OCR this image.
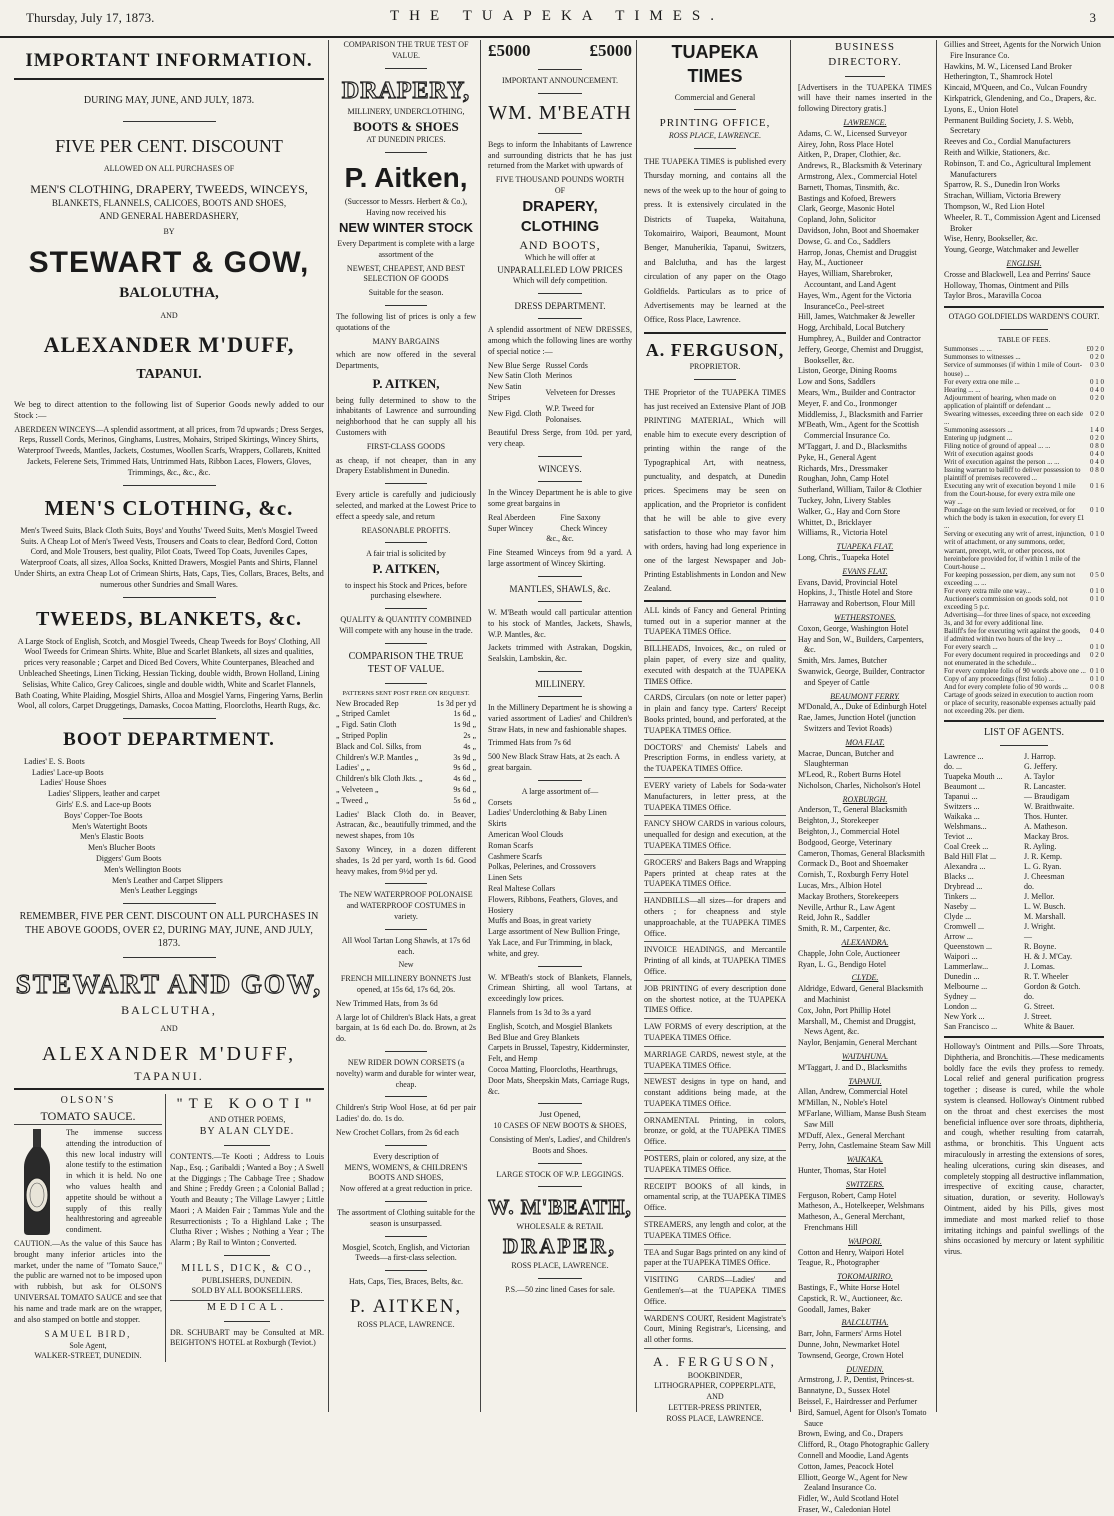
Thursday, July 17, 1873.	THE TUAPEKA TIMES.	3
IMPORTANT INFORMATION.
DURING MAY, JUNE, AND JULY, 1873.
FIVE PER CENT. DISCOUNT
ALLOWED ON ALL PURCHASES OF
MEN'S CLOTHING, DRAPERY, TWEEDS, WINCEYS,
BLANKETS, FLANNELS, CALICOES, BOOTS AND SHOES,
AND GENERAL HABERDASHERY,
BY
STEWART & GOW,
BALOLUTHA,
AND
ALEXANDER M'DUFF,
TAPANUI.

We beg to direct attention to the following list of Superior Goods newly added to our Stock :—

ABERDEEN WINCEYS—A splendid assortment, at all prices, from 7d upwards ; Dress Serges, Reps, Russell Cords, Merinos, Ginghams, Lustres, Mohairs, Striped Skirtings, Wincey Shirts, Waterproof Tweeds, Mantles, Jackets, Costumes, Woollen Scarfs, Wrappers, Collarets, Knitted Jackets, Felerene Sets, Trimmed Hats, Untrimmed Hats, Ribbon Laces, Flowers, Gloves, Trimmings, &c., &c., &c.

MEN'S CLOTHING, &c.

Men's Tweed Suits, Black Cloth Suits, Boys' and Youths' Tweed Suits, Men's Mosgiel Tweed Suits. A Cheap Lot of Men's Tweed Vests, Trousers and Coats to clear, Bedford Cord, Cotton Cord, and Mole Trousers, best quality, Pilot Coats, Tweed Top Coats, Juveniles Capes, Waterproof Coats, all sizes, Alloa Socks, Knitted Drawers, Mosgiel Pants and Shirts, Flannel Under Shirts, an extra Cheap Lot of Crimean Shirts, Hats, Caps, Ties, Collars, Braces, Belts, and numerous other Sundries and Small Wares.

TWEEDS, BLANKETS, &c.

A Large Stock of English, Scotch, and Mosgiel Tweeds, Cheap Tweeds for Boys' Clothing, All Wool Tweeds for Crimean Shirts. White, Blue and Scarlet Blankets, all sizes and qualities, prices very reasonable ; Carpet and Diced Bed Covers, White Counterpanes, Bleached and Unbleached Sheetings, Linen Ticking, Hessian Ticking, double width, Brown Holland, Lining Selisias, White Calico, Grey Calicoes, single and double width, White and Scarlet Flannels, Bath Coating, White Plaiding, Mosgiel Shirts, Alloa and Mosgiel Yarns, Fingering Yarns, Berlin Wool, all colors, Carpet Druggetings, Damasks, Cocoa Matting, Floorcloths, Hearth Rugs, &c.

BOOT DEPARTMENT.
Ladies' E. S. Boots
Ladies' Lace-up Boots
Ladies' House Shoes
Ladies' Slippers, leather and carpet
Girls' E.S. and Lace-up Boots
Boys' Copper-Toe Boots
Men's Watertight Boots
Men's Elastic Boots
Men's Blucher Boots
Diggers' Gum Boots
Men's Wellington Boots
Men's Leather and Carpet Slippers
Men's Leather Leggings

REMEMBER, FIVE PER CENT. DISCOUNT ON ALL PURCHASES IN THE ABOVE GOODS, OVER £2, DURING MAY, JUNE, AND JULY, 1873.

STEWART AND GOW,
BALCLUTHA,
AND
ALEXANDER M'DUFF,
TAPANUI.
OLSON'S
TOMATO SAUCE.

The immense success attending the introduction of this new local industry will alone testify to the estimation in which it is held. No one who values health and appetite should be without a supply of this really healthrestoring and agreeable condiment.

CAUTION.—As the value of this Sauce has brought many inferior articles into the market, under the name of "Tomato Sauce," the public are warned not to be imposed upon with rubbish, but ask for OLSON'S UNIVERSAL TOMATO SAUCE and see that his name and trade mark are on the wrapper, and also stamped on bottle and stopper.

SAMUEL BIRD,
Sole Agent,
WALKER-STREET, DUNEDIN.
"TE KOOTI"
AND OTHER POEMS,
BY ALAN CLYDE.

CONTENTS.—Te Kooti ; Address to Louis Nap., Esq. ; Garibaldi ; Wanted a Boy ; A Swell at the Diggings ; The Cabbage Tree ; Shadow and Shine ; Freddy Green ; a Colonial Ballad ; Youth and Beauty ; The Village Lawyer ; Little Maori ; A Maiden Fair ; Tammas Yule and the Resurrectionists ; To a Highland Lake ; The Clutha River ; Wishes ; Nothing a Year ; The Alarm ; By Rail to Winton ; Converted.

MILLS, DICK, & CO.,
PUBLISHERS, DUNEDIN.
SOLD BY ALL BOOKSELLERS.
MEDICAL.

DR. SCHUBART may be Consulted at MR. BEIGHTON'S HOTEL at Roxburgh (Teviot.)

COMPARISON THE TRUE TEST OF VALUE.
DRAPERY,
MILLINERY, UNDERCLOTHING,
BOOTS & SHOES
AT DUNEDIN PRICES.
P. Aitken,
(Successor to Messrs. Herbert & Co.),
Having now received his
NEW WINTER STOCK

Every Department is complete with a large assortment of the

NEWEST, CHEAPEST, AND BEST SELECTION OF GOODS

Suitable for the season.

The following list of prices is only a few quotations of the

MANY BARGAINS

which are now offered in the several Departments,

P. AITKEN,

being fully determined to show to the inhabitants of Lawrence and surrounding neighborhood that he can supply all his Customers with

FIRST-CLASS GOODS

as cheap, if not cheaper, than in any Drapery Establishment in Dunedin.

Every article is carefully and judiciously selected, and marked at the Lowest Price to effect a speedy sale, and return

REASONABLE PROFITS.
A fair trial is solicited by
P. AITKEN,

to inspect his Stock and Prices, before purchasing elsewhere.

QUALITY & QUANTITY COMBINED
Will compete with any house in the trade.
COMPARISON THE TRUE TEST OF VALUE.
PATTERNS SENT POST FREE ON REQUEST.
New Brocaded Rep	1s 3d per yd
„ Striped Camlet	1s 6d „
„ Figd. Satin Cloth	1s 9d „
„ Striped Poplin	2s „
Black and Col. Silks, from	4s „
Children's W.P. Mantles „	3s 9d „
Ladies' „ „	9s 6d „
Children's blk Cloth Jkts. „	4s 6d „
„ Velveteen „	9s 6d „
„ Tweed „	5s 6d „

Ladies' Black Cloth do. in Beaver, Astracan, &c., beautifully trimmed, and the newest shapes, from 10s

Saxony Wincey, in a dozen different shades, 1s 2d per yard, worth 1s 6d. Good heavy makes, from 9½d per yd.

The NEW WATERPROOF POLONAISE and WATERPROOF COSTUMES in variety.

All Wool Tartan Long Shawls, at 17s 6d each.

New

FRENCH MILLINERY BONNETS Just opened, at 15s 6d, 17s 6d, 20s.

New Trimmed Hats, from 3s 6d

A large lot of Children's Black Hats, a great bargain, at 1s 6d each Do. do. Brown, at 2s do.

NEW RIDER DOWN CORSETS (a novelty) warm and durable for winter wear, cheap.

Children's Strip Wool Hose, at 6d per pair Ladies' do. do. 1s do.

New Crochet Collars, from 2s 6d each

Every description of
MEN'S, WOMEN'S, & CHILDREN'S BOOTS AND SHOES,
Now offered at a great reduction in price.

The assortment of Clothing suitable for the season is unsurpassed.

Mosgiel, Scotch, English, and Victorian Tweeds—a first-class selection.

Hats, Caps, Ties, Braces, Belts, &c.
P. AITKEN,
ROSS PLACE, LAWRENCE.
£5000	£5000
IMPORTANT ANNOUNCEMENT.
WM. M'BEATH

Begs to inform the Inhabitants of Lawrence and surrounding districts that he has just returned from the Market with upwards of

FIVE THOUSAND POUNDS WORTH
OF
DRAPERY, CLOTHING
AND BOOTS,
Which he will offer at
UNPARALLELED LOW PRICES
Which will defy competition.
DRESS DEPARTMENT.

A splendid assortment of NEW DRESSES, among which the following lines are worthy of special notice :—

New Blue Serge	Russel Cords
New Satin Cloth	Merinos
New Satin Stripes	Velveteen for Dresses
New Figd. Cloth	W.P. Tweed for Polonaises.

Beautiful Dress Serge, from 10d. per yard, very cheap.

WINCEYS.

In the Wincey Department he is able to give some great bargains in

Real Aberdeen	Fine Saxony
Super Wincey	Check Wincey
&c., &c.

Fine Steamed Winceys from 9d a yard. A large assortment of Wincey Skirting.

MANTLES, SHAWLS, &c.

W. M'Beath would call particular attention to his stock of Mantles, Jackets, Shawls, W.P. Mantles, &c.

Jackets trimmed with Astrakan, Dogskin, Sealskin, Lambskin, &c.

MILLINERY.

In the Millinery Department he is showing a varied assortment of Ladies' and Children's Straw Hats, in new and fashionable shapes.

Trimmed Hats from 7s 6d

500 New Black Straw Hats, at 2s each. A great bargain.

A large assortment of—
Corsets
Ladies' Underclothing & Baby Linen
Skirts
American Wool Clouds
Roman Scarfs
Cashmere Scarfs
Polkas, Pelerines, and Crossovers
Linen Sets
Real Maltese Collars
Flowers, Ribbons, Feathers, Gloves, and Hosiery
Muffs and Boas, in great variety
Large assortment of New Bullion Fringe, Yak Lace, and Fur Trimming, in black, white, and grey.

W. M'Beath's stock of Blankets, Flannels, Crimean Shirting, all wool Tartans, at exceedingly low prices.

Flannels from 1s 3d to 3s a yard

English, Scotch, and Mosgiel Blankets
Bed Blue and Grey Blankets
Carpets in Brussel, Tapestry, Kidderminster, Felt, and Hemp
Cocoa Matting, Floorcloths, Hearthrugs, Door Mats, Sheepskin Mats, Carriage Rugs, &c.
Just Opened,
10 CASES OF NEW BOOTS & SHOES,

Consisting of Men's, Ladies', and Children's Boots and Shoes.

LARGE STOCK OF W.P. LEGGINGS.
W. M'BEATH,
WHOLESALE & RETAIL
DRAPER,
ROSS PLACE, LAWRENCE.
P.S.—50 zinc lined Cases for sale.
TUAPEKA TIMES
Commercial and General
PRINTING OFFICE,
ROSS PLACE, LAWRENCE.

THE TUAPEKA TIMES is published every Thursday morning, and contains all the news of the week up to the hour of going to press. It is extensively circulated in the Districts of Tuapeka, Waitahuna, Tokomairiro, Waipori, Beaumont, Mount Benger, Manuherikia, Tapanui, Switzers, and Balclutha, and has the largest circulation of any paper on the Otago Goldfields. Particulars as to price of Advertisements may be learned at the Office, Ross Place, Lawrence.

A. FERGUSON,
PROPRIETOR.

THE Proprietor of the TUAPEKA TIMES has just received an Extensive Plant of JOB PRINTING MATERIAL, Which will enable him to execute every description of printing within the range of the Typographical Art, with neatness, punctuality, and despatch, at Dunedin prices. Specimens may be seen on application, and the Proprietor is confident that he will be able to give every satisfaction to those who may favor him with orders, having had long experience in one of the largest Newspaper and Job-Printing Establishments in London and New Zealand.

ALL kinds of Fancy and General Printing turned out in a superior manner at the TUAPEKA TIMES Office.

BILLHEADS, Invoices, &c., on ruled or plain paper, of every size and quality, executed with despatch at the TUAPEKA TIMES Office.

CARDS, Circulars (on note or letter paper) in plain and fancy type. Carters' Receipt Books printed, bound, and perforated, at the TUAPEKA TIMES Office.

DOCTORS' and Chemists' Labels and Prescription Forms, in endless variety, at the TUAPEKA TIMES Office.

EVERY variety of Labels for Soda-water Manufacturers, in letter press, at the TUAPEKA TIMES Office.

FANCY SHOW CARDS in various colours, unequalled for design and execution, at the TUAPEKA TIMES Office.

GROCERS' and Bakers Bags and Wrapping Papers printed at cheap rates at the TUAPEKA TIMES Office.

HANDBILLS—all sizes—for drapers and others ; for cheapness and style unapproachable, at the TUAPEKA TIMES Office.

INVOICE HEADINGS, and Mercantile Printing of all kinds, at TUAPEKA TIMES Office.

JOB PRINTING of every description done on the shortest notice, at the TUAPEKA TIMES Office.

LAW FORMS of every description, at the TUAPEKA TIMES Office.

MARRIAGE CARDS, newest style, at the TUAPEKA TIMES Office.

NEWEST designs in type on hand, and constant additions being made, at the TUAPEKA TIMES Office.

ORNAMENTAL Printing, in colors, bronze, or gold, at the TUAPEKA TIMES Office.

POSTERS, plain or colored, any size, at the TUAPEKA TIMES Office.

RECEIPT BOOKS of all kinds, in ornamental scrip, at the TUAPEKA TIMES Office.

STREAMERS, any length and color, at the TUAPEKA TIMES Office.

TEA and Sugar Bags printed on any kind of paper at the TUAPEKA TIMES Office.

VISITING CARDS—Ladies' and Gentlemen's—at the TUAPEKA TIMES Office.

WARDEN'S COURT, Resident Magistrate's Court, Mining Registrar's, Licensing, and all other forms.

A. FERGUSON,
BOOKBINDER,
LITHOGRAPHER, COPPERPLATE,
AND
LETTER-PRESS PRINTER,
ROSS PLACE, LAWRENCE.
BUSINESS DIRECTORY.

[Advertisers in the TUAPEKA TIMES will have their names inserted in the following Directory gratis.]

LAWRENCE.
Adams, C. W., Licensed Surveyor
Airey, John, Ross Place Hotel
Aitken, P., Draper, Clothier, &c.
Andrews, R., Blacksmith & Veterinary
Armstrong, Alex., Commercial Hotel
Barnett, Thomas, Tinsmith, &c.
Bastings and Kofoed, Brewers
Clark, George, Masonic Hotel
Copland, John, Solicitor
Davidson, John, Boot and Shoemaker
Dowse, G. and Co., Saddlers
Harrop, Jonas, Chemist and Druggist
Hay, M., Auctioneer
Hayes, William, Sharebroker, Accountant, and Land Agent
Hayes, Wm., Agent for the Victoria InsuranceCo., Peel-street
Hill, James, Watchmaker & Jeweller
Hogg, Archibald, Local Butchery
Humphrey, A., Builder and Contractor
Jeffery, George, Chemist and Druggist, Bookseller, &c.
Liston, George, Dining Rooms
Low and Sons, Saddlers
Mears, Wm., Builder and Contractor
Meyer, F. and Co., Ironmonger
Middlemiss, J., Blacksmith and Farrier
M'Beath, Wm., Agent for the Scottish Commercial Insurance Co.
M'Taggart, J. and D., Blacksmiths
Pyke, H., General Agent
Richards, Mrs., Dressmaker
Roughan, John, Camp Hotel
Sutherland, William, Tailor & Clothier
Tuckey, John, Livery Stables
Walker, G., Hay and Corn Store
Whittet, D., Bricklayer
Williams, R., Victoria Hotel
TUAPEKA FLAT.
Long, Chris., Tuapeka Hotel
EVANS FLAT.
Evans, David, Provincial Hotel
Hopkins, J., Thistle Hotel and Store
Harraway and Robertson, Flour Mill
WETHERSTONES.
Coxon, George, Washington Hotel
Hay and Son, W., Builders, Carpenters, &c.
Smith, Mrs. James, Butcher
Swanwick, George, Builder, Contractor and Speyer of Cattle
BEAUMONT FERRY.
M'Donald, A., Duke of Edinburgh Hotel
Rae, James, Junction Hotel (junction Switzers and Teviot Roads)
MOA FLAT.
Macrae, Duncan, Butcher and Slaughterman
M'Leod, R., Robert Burns Hotel
Nicholson, Charles, Nicholson's Hotel
ROXBURGH.
Anderson, T., General Blacksmith
Beighton, J., Storekeeper
Beighton, J., Commercial Hotel
Bodgood, George, Veterinary
Cameron, Thomas, General Blacksmith
Cormack D., Boot and Shoemaker
Cornish, T., Roxburgh Ferry Hotel
Lucas, Mrs., Albion Hotel
Mackay Brothers, Storekeepers
Neville, Arthur R., Law Agent
Reid, John R., Saddler
Smith, R. M., Carpenter, &c.
ALEXANDRA.
Chapple, John Cole, Auctioneer
Ryan, L. G., Bendigo Hotel
CLYDE.
Aldridge, Edward, General Blacksmith and Machinist
Cox, John, Port Phillip Hotel
Marshall, M., Chemist and Druggist, News Agent, &c.
Naylor, Benjamin, General Merchant
WAITAHUNA.
M'Taggart, J. and D., Blacksmiths
TAPANUI.
Allan, Andrew, Commercial Hotel
M'Millan, N., Noble's Hotel
M'Farlane, William, Manse Bush Steam Saw Mill
M'Duff, Alex., General Merchant
Perry, John, Castlemaine Steam Saw Mill
WAIKAKA.
Hunter, Thomas, Star Hotel
SWITZERS.
Ferguson, Robert, Camp Hotel
Matheson, A., Hotelkeeper, Welshmans
Matheson, A., General Merchant, Frenchmans Hill
WAIPORI.
Cotton and Henry, Waipori Hotel
Teague, R., Photographer
TOKOMAIRIRO.
Bastings, F., White Horse Hotel
Capstick, R. W., Auctioneer, &c.
Goodall, James, Baker
BALCLUTHA.
Barr, John, Farmers' Arms Hotel
Dunne, John, Newmarket Hotel
Townsend, George, Crown Hotel
DUNEDIN.
Armstrong, J. P., Dentist, Princes-st.
Bannatyne, D., Sussex Hotel
Beissel, F., Hairdresser and Perfumer
Bird, Samuel, Agent for Olson's Tomato Sauce
Brown, Ewing, and Co., Drapers
Clifford, R., Otago Photographic Gallery
Connell and Moodie, Land Agents
Cotton, James, Peacock Hotel
Elliott, George W., Agent for New Zealand Insurance Co.
Fidler, W., Auld Scotland Hotel
Fraser, W., Caledonian Hotel
Gillies and Street, Agents for the Norwich Union Fire Insurance Co.
Hawkins, M. W., Licensed Land Broker
Hetherington, T., Shamrock Hotel
Kincaid, M'Queen, and Co., Vulcan Foundry
Kirkpatrick, Glendening, and Co., Drapers, &c.
Lyons, E., Union Hotel
Permanent Building Society, J. S. Webb, Secretary
Reeves and Co., Cordial Manufacturers
Reith and Wilkie, Stationers, &c.
Robinson, T. and Co., Agricultural Implement Manufacturers
Sparrow, R. S., Dunedin Iron Works
Strachan, William, Victoria Brewery
Thompson, W., Red Lion Hotel
Wheeler, R. T., Commission Agent and Licensed Broker
Wise, Henry, Bookseller, &c.
Young, George, Watchmaker and Jeweller
ENGLISH.
Crosse and Blackwell, Lea and Perrins' Sauce
Holloway, Thomas, Ointment and Pills
Taylor Bros., Maravilla Cocoa
OTAGO GOLDFIELDS WARDEN'S COURT.
TABLE OF FEES.
Summonses ... ...	£0 2 0
Summonses to witnesses ...	0 2 0
Service of summonses (if within 1 mile of Court-house) ...
0 3 0
For every extra one mile ...	0 1 0
Hearing ... ...	0 4 0
Adjournment of hearing, when made on application of plaintiff or defendant ...
0 2 0
Swearing witnesses, exceeding three on each side ...
0 2 0
Summoning assessors ...	1 4 0
Entering up judgment ...	0 2 0
Filing notice of ground of appeal ... ...	0 8 0
Writ of execution against goods	0 4 0
Writ of execution against the person ... ...	0 4 0
Issuing warrant to bailiff to deliver possession to plaintiff of premises recovered ...
0 8 0
Executing any writ of execution beyond 1 mile from the Court-house, for every extra mile one way ...
0 1 6
Poundage on the sum levied or received, or for which the body is taken in execution, for every £1 ...
0 1 0
Serving or executing any writ of arrest, injunction, writ of attachment, or any summons, order, warrant, precept, writ, or other process, not hereinbefore provided for, if within 1 mile of the Court-house ...
0 1 0
For keeping possession, per diem, any sum not exceeding ... ...
0 5 0
For every extra mile one way...	0 1 0
Auctioneer's commission on goods sold, not exceeding 5 p.c.
0 1 0
Advertising—for three lines of space, not exceeding 3s, and 3d for every additional line.
Bailiff's fee for executing writ against the goods, if admitted within two hours of the levy ...
0 4 0
For every search ...	0 1 0
For every document required in proceedings and not enumerated in the schedule...
0 2 0
For every complete folio of 90 words above one ... 0 1 0
Copy of any proceedings (first folio) ...	0 1 0
And for every complete folio of 90 words ...	0 0 8
Cartage of goods seized in execution to auction room or place of security, reasonable expenses actually paid not exceeding 20s. per diem.
LIST OF AGENTS.
Lawrence ...	J. Harrop.
do. ...	G. Jeffery.
Tuapeka Mouth ...	A. Taylor
Beaumont ...	R. Lancaster.
Tapanui ...	— Braudigam
Switzers ...	W. Braithwaite.
Waikaka ...	Thos. Hunter.
Welshmans...	A. Matheson.
Teviot ...	Mackay Bros.
Coal Creek ...	R. Ayling.
Bald Hill Flat ...	J. R. Kemp.
Alexandra ...	L. G. Ryan.
Blacks ...	J. Cheesman
Drybread ...	do.
Tinkers ...	J. Mellor.
Naseby ...	L. W. Busch.
Clyde ...	M. Marshall.
Cromwell ...	J. Wright.
Arrow ...	—
Queenstown ...	R. Boyne.
Waipori ...	H. & J. M'Cay.
Lammerlaw...	J. Lomas.
Dunedin ...	R. T. Wheeler
Melbourne ...	Gordon & Gotch.
Sydney ...	do.
London ...	G. Street.
New York ...	J. Street.
San Francisco ...	White & Bauer.

Holloway's Ointment and Pills.—Sore Throats, Diphtheria, and Bronchitis.—These medicaments boldly face the evils they profess to remedy. Local relief and general purification progress together ; disease is cured, while the whole system is cleansed. Holloway's Ointment rubbed on the throat and chest exercises the most beneficial influence over sore throats, diphtheria, and cough, whether resulting from catarrah, asthma, or bronchitis. This Unguent acts miraculously in arresting the extensions of sores, healing ulcerations, curing skin diseases, and completely stopping all destructive inflammation, irrespective of exciting cause, character, situation, duration, or severity. Holloway's Ointment, aided by his Pills, gives most immediate and most marked relief to those irritating itchings and painful swellings of the shins occasioned by mercury or latent syphilitic virus.
